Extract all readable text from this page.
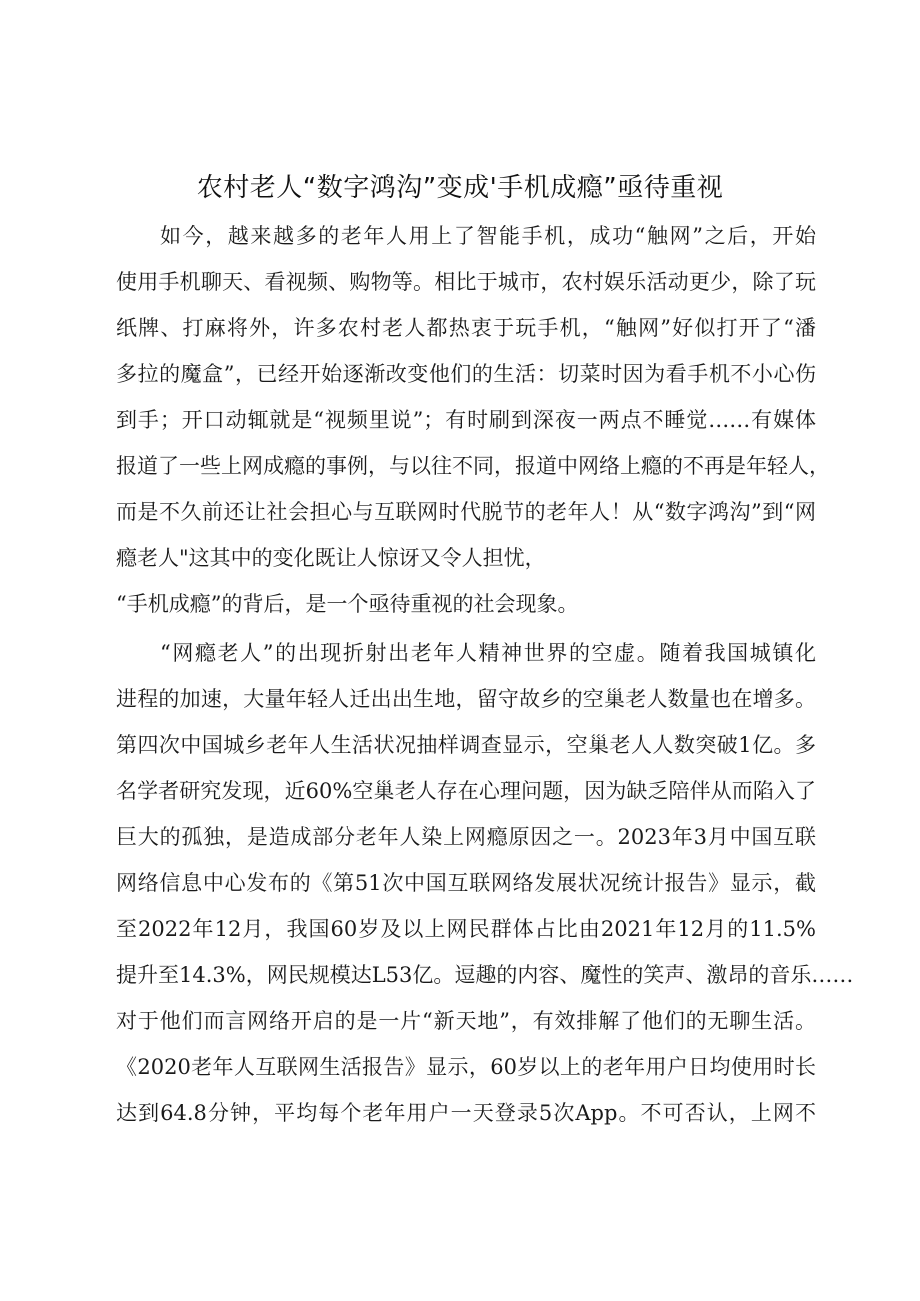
农村老人“数字鸿沟”变成'手机成瘾”亟待重视
如今，越来越多的老年人用上了智能手机，成功“触网”之后，开始
使用手机聊天、看视频、购物等。相比于城市，农村娱乐活动更少，除了玩
纸牌、打麻将外，许多农村老人都热衷于玩手机，“触网”好似打开了“潘
多拉的魔盒”，已经开始逐渐改变他们的生活：切菜时因为看手机不小心伤
到手；开口动辄就是“视频里说”；有时刷到深夜一两点不睡觉……有媒体
报道了一些上网成瘾的事例，与以往不同，报道中网络上瘾的不再是年轻人，
而是不久前还让社会担心与互联网时代脱节的老年人！从“数字鸿沟”到“网
瘾老人"这其中的变化既让人惊讶又令人担忧，
“手机成瘾”的背后，是一个亟待重视的社会现象。
“网瘾老人”的出现折射出老年人精神世界的空虚。随着我国城镇化
进程的加速，大量年轻人迁出出生地，留守故乡的空巢老人数量也在增多。
第四次中国城乡老年人生活状况抽样调查显示，空巢老人人数突破1亿。多
名学者研究发现，近60%空巢老人存在心理问题，因为缺乏陪伴从而陷入了
巨大的孤独，是造成部分老年人染上网瘾原因之一。2023年3月中国互联
网络信息中心发布的《第51次中国互联网络发展状况统计报告》显示，截
至2022年12月，我国60岁及以上网民群体占比由2021年12月的11.5%
提升至14.3%，网民规模达L53亿。逗趣的内容、魔性的笑声、激昂的音乐……
对于他们而言网络开启的是一片“新天地”，有效排解了他们的无聊生活。
《2020老年人互联网生活报告》显示，60岁以上的老年用户日均使用时长
达到64.8分钟，平均每个老年用户一天登录5次App。不可否认，上网不
